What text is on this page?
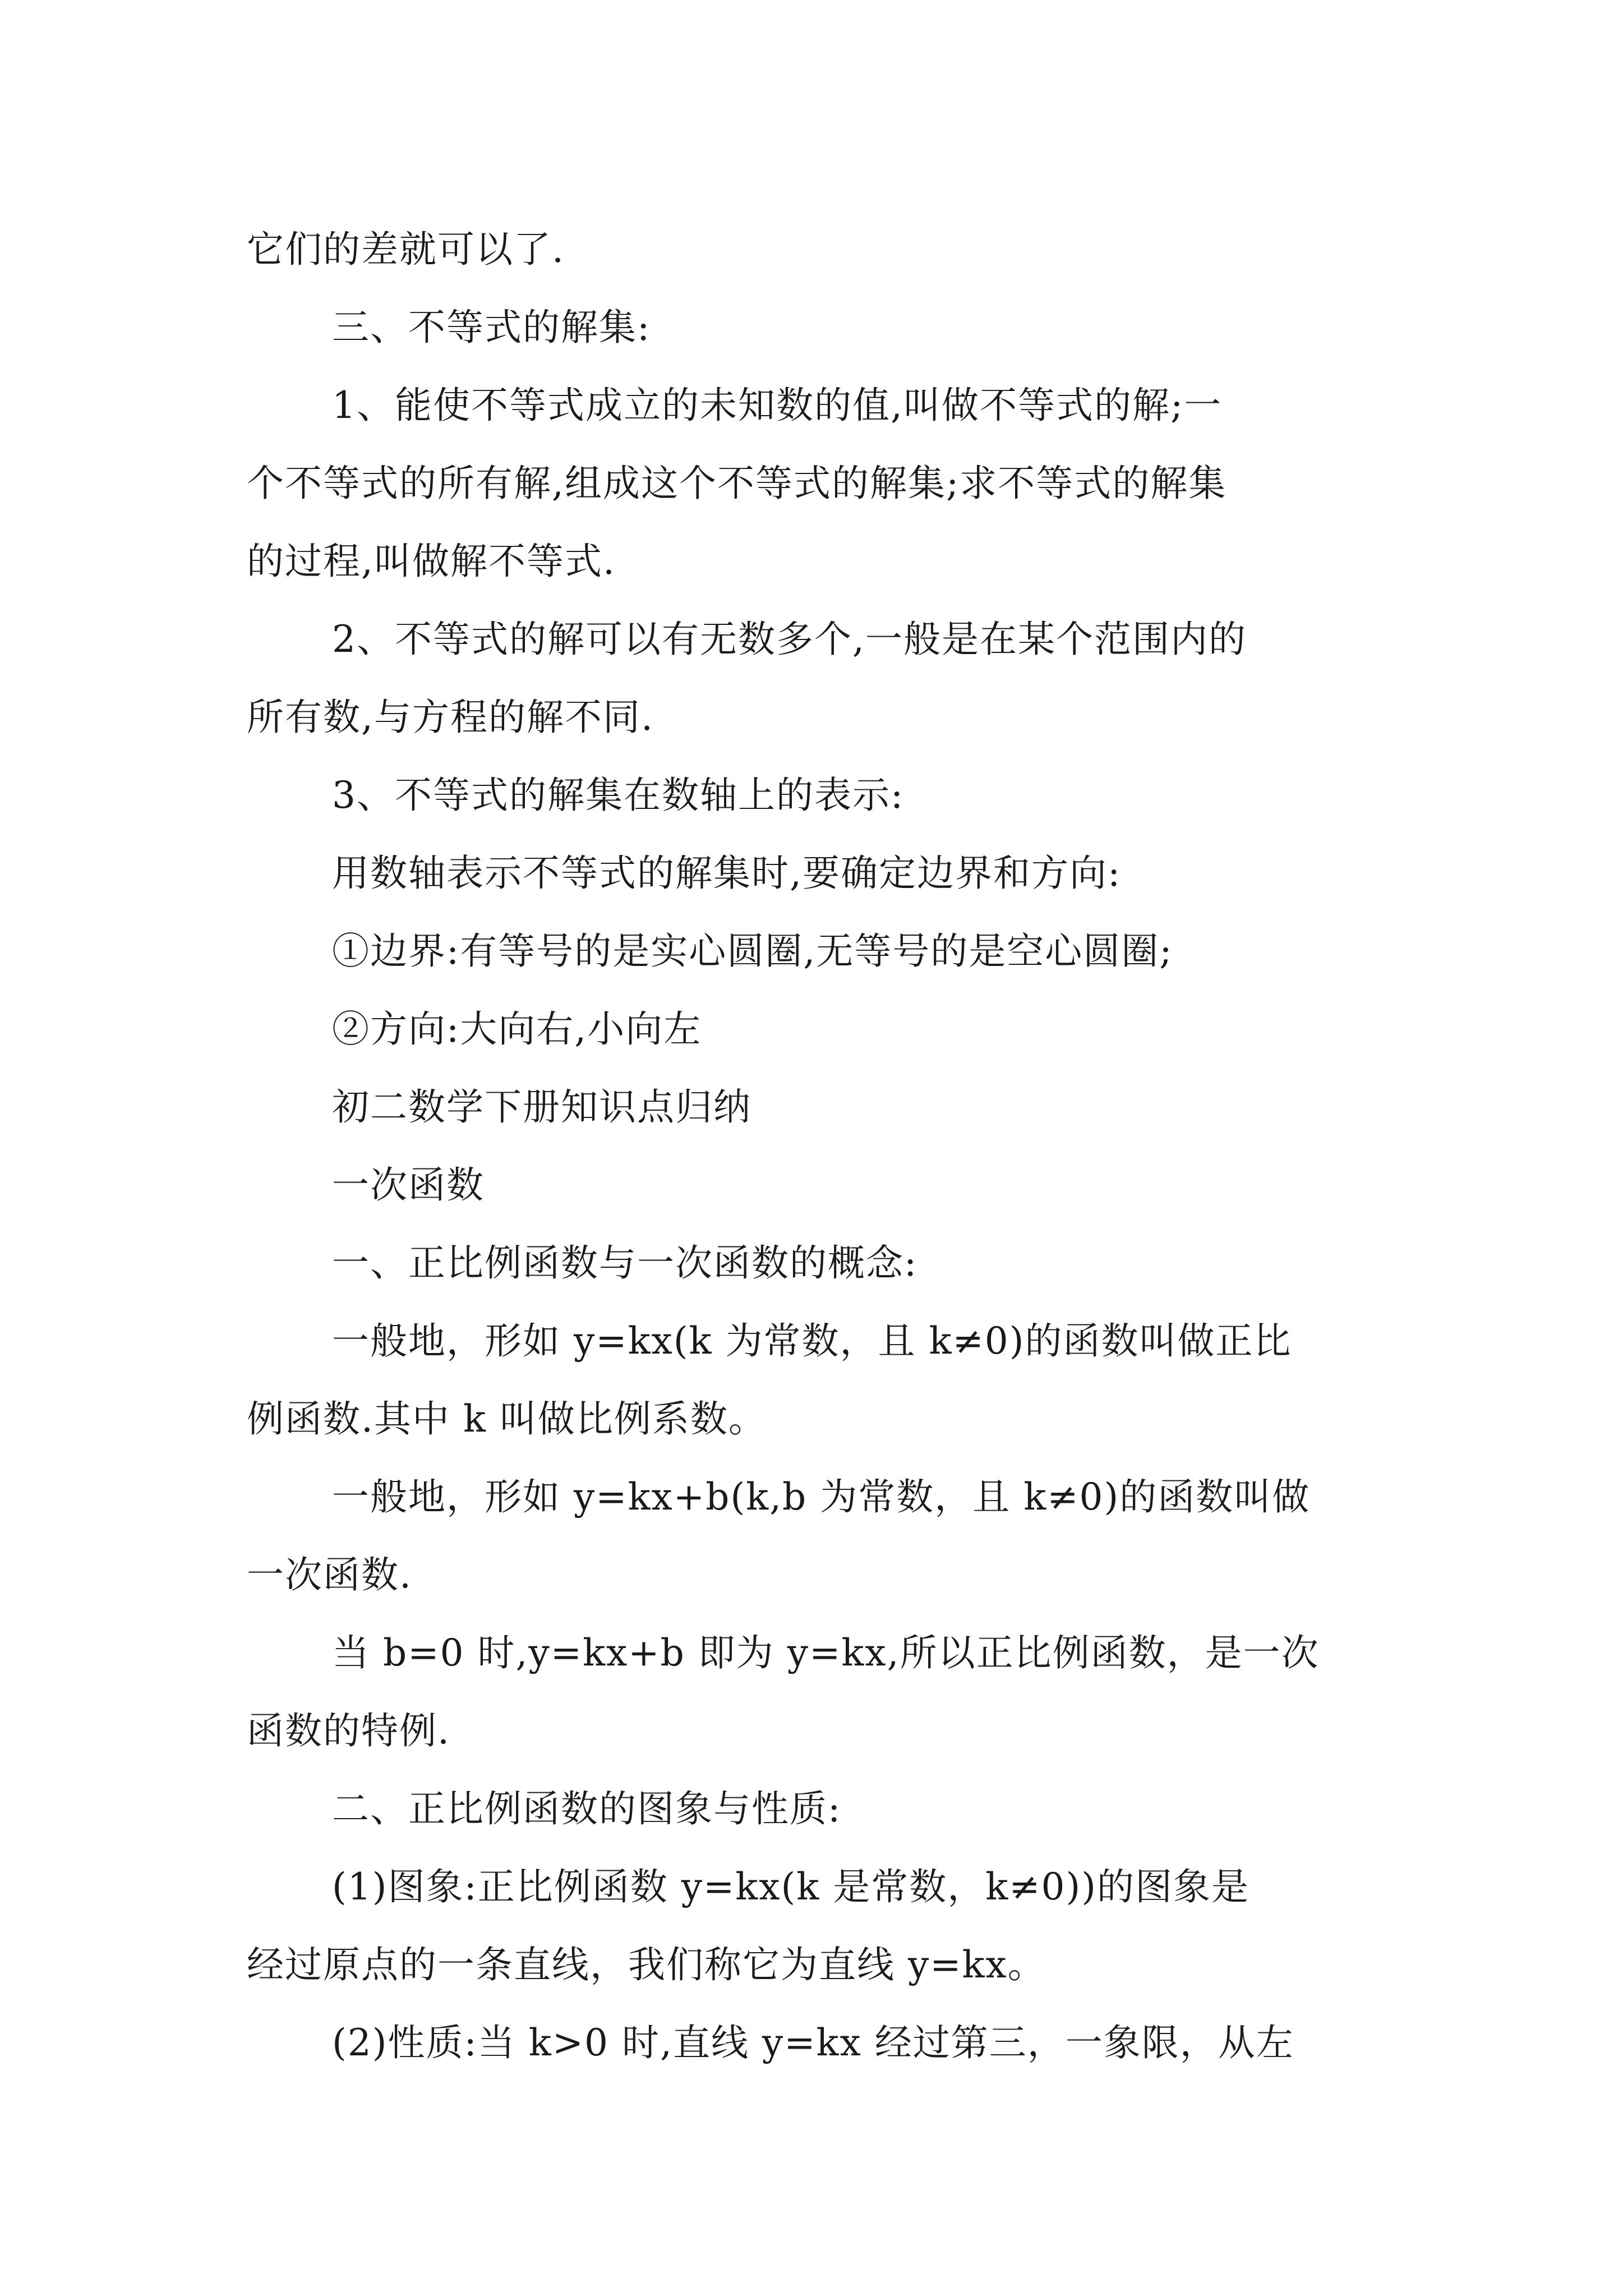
它们的差就可以了.
三、不等式的解集:
1、能使不等式成立的未知数的值,叫做不等式的解;一
个不等式的所有解,组成这个不等式的解集;求不等式的解集
的过程,叫做解不等式.
2、不等式的解可以有无数多个,一般是在某个范围内的
所有数,与方程的解不同.
3、不等式的解集在数轴上的表示:
用数轴表示不等式的解集时,要确定边界和方向:
①边界:有等号的是实心圆圈,无等号的是空心圆圈;
②方向:大向右,小向左
初二数学下册知识点归纳
一次函数
一、正比例函数与一次函数的概念:
一般地，形如 y=kx(k 为常数，且 k≠0)的函数叫做正比
例函数.其中 k 叫做比例系数。
一般地，形如 y=kx+b(k,b 为常数，且 k≠0)的函数叫做
一次函数.
当 b=0 时,y=kx+b 即为 y=kx,所以正比例函数，是一次
函数的特例.
二、正比例函数的图象与性质:
(1)图象:正比例函数 y=kx(k 是常数，k≠0))的图象是
经过原点的一条直线，我们称它为直线 y=kx。
(2)性质:当 k>0 时,直线 y=kx 经过第三，一象限，从左
